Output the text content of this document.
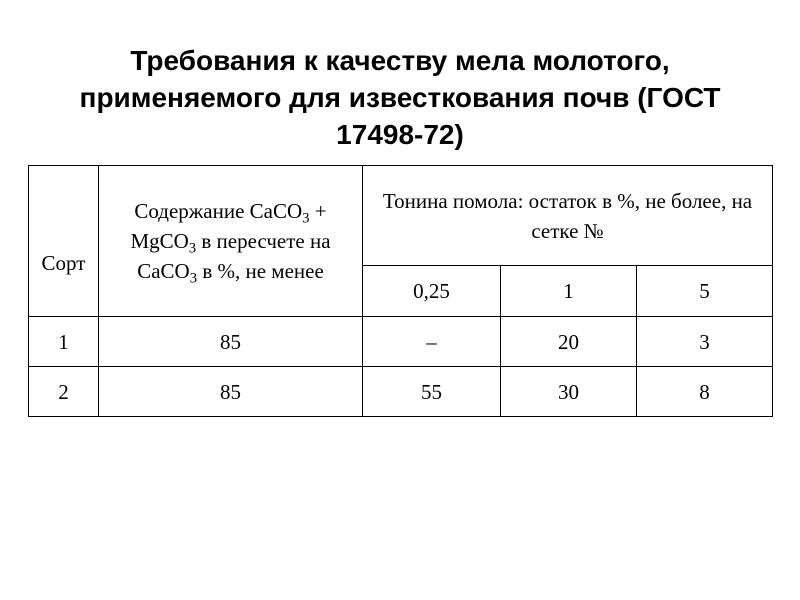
Требования к качеству мела молотого,
применяемого для известкования почв (ГОСТ
17498-72)
Сорт	Содержание CaCO$_3$ + MgCO$_3$ в пересчете на CaCO$_3$ в %, не менее	Тонина помола: остаток в %, не более, на сетке №		
		0,25	1	5
1	85	–	20	3
2	85	55	30	8
